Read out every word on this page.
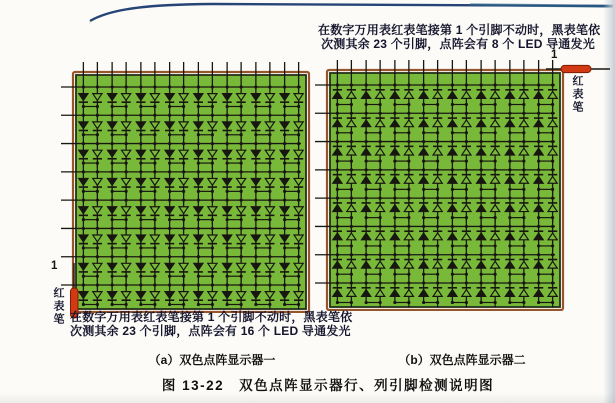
在数字万用表红表笔接第 1 个引脚不动时，黑表笔依
次测其余 23 个引脚，点阵会有 8 个 LED 导通发光
1
红表笔
1
红表笔
在数字万用表红表笔接第 1 个引脚不动时，黑表笔依
次测其余 23 个引脚，点阵会有 16 个 LED 导通发光
（a）双色点阵显示器一	（b）双色点阵显示器二
图 13-22　双色点阵显示器行、列引脚检测说明图
